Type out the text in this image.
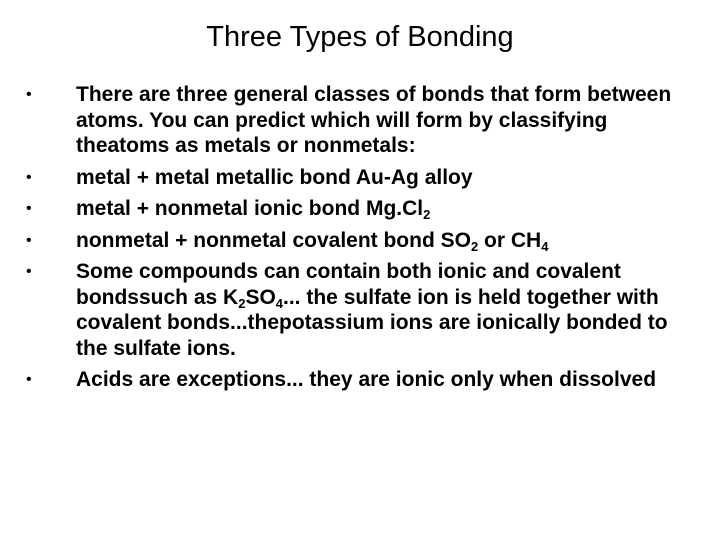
Three Types of Bonding
•	There are three general classes of bonds that form between atoms. You can predict which will form by classifying theatoms as metals or nonmetals:
•	metal + metal metallic bond Au-Ag alloy
•	metal + nonmetal ionic bond $Mg.Cl_2$
•	nonmetal + nonmetal covalent bond $SO_2$ or $CH_4$
•	Some compounds can contain both ionic and covalent bondssuch as $K_2SO_4$... the sulfate ion is held together with covalent bonds...thepotassium ions are ionically bonded to the sulfate ions.
•	Acids are exceptions... they are ionic only when dissolved
